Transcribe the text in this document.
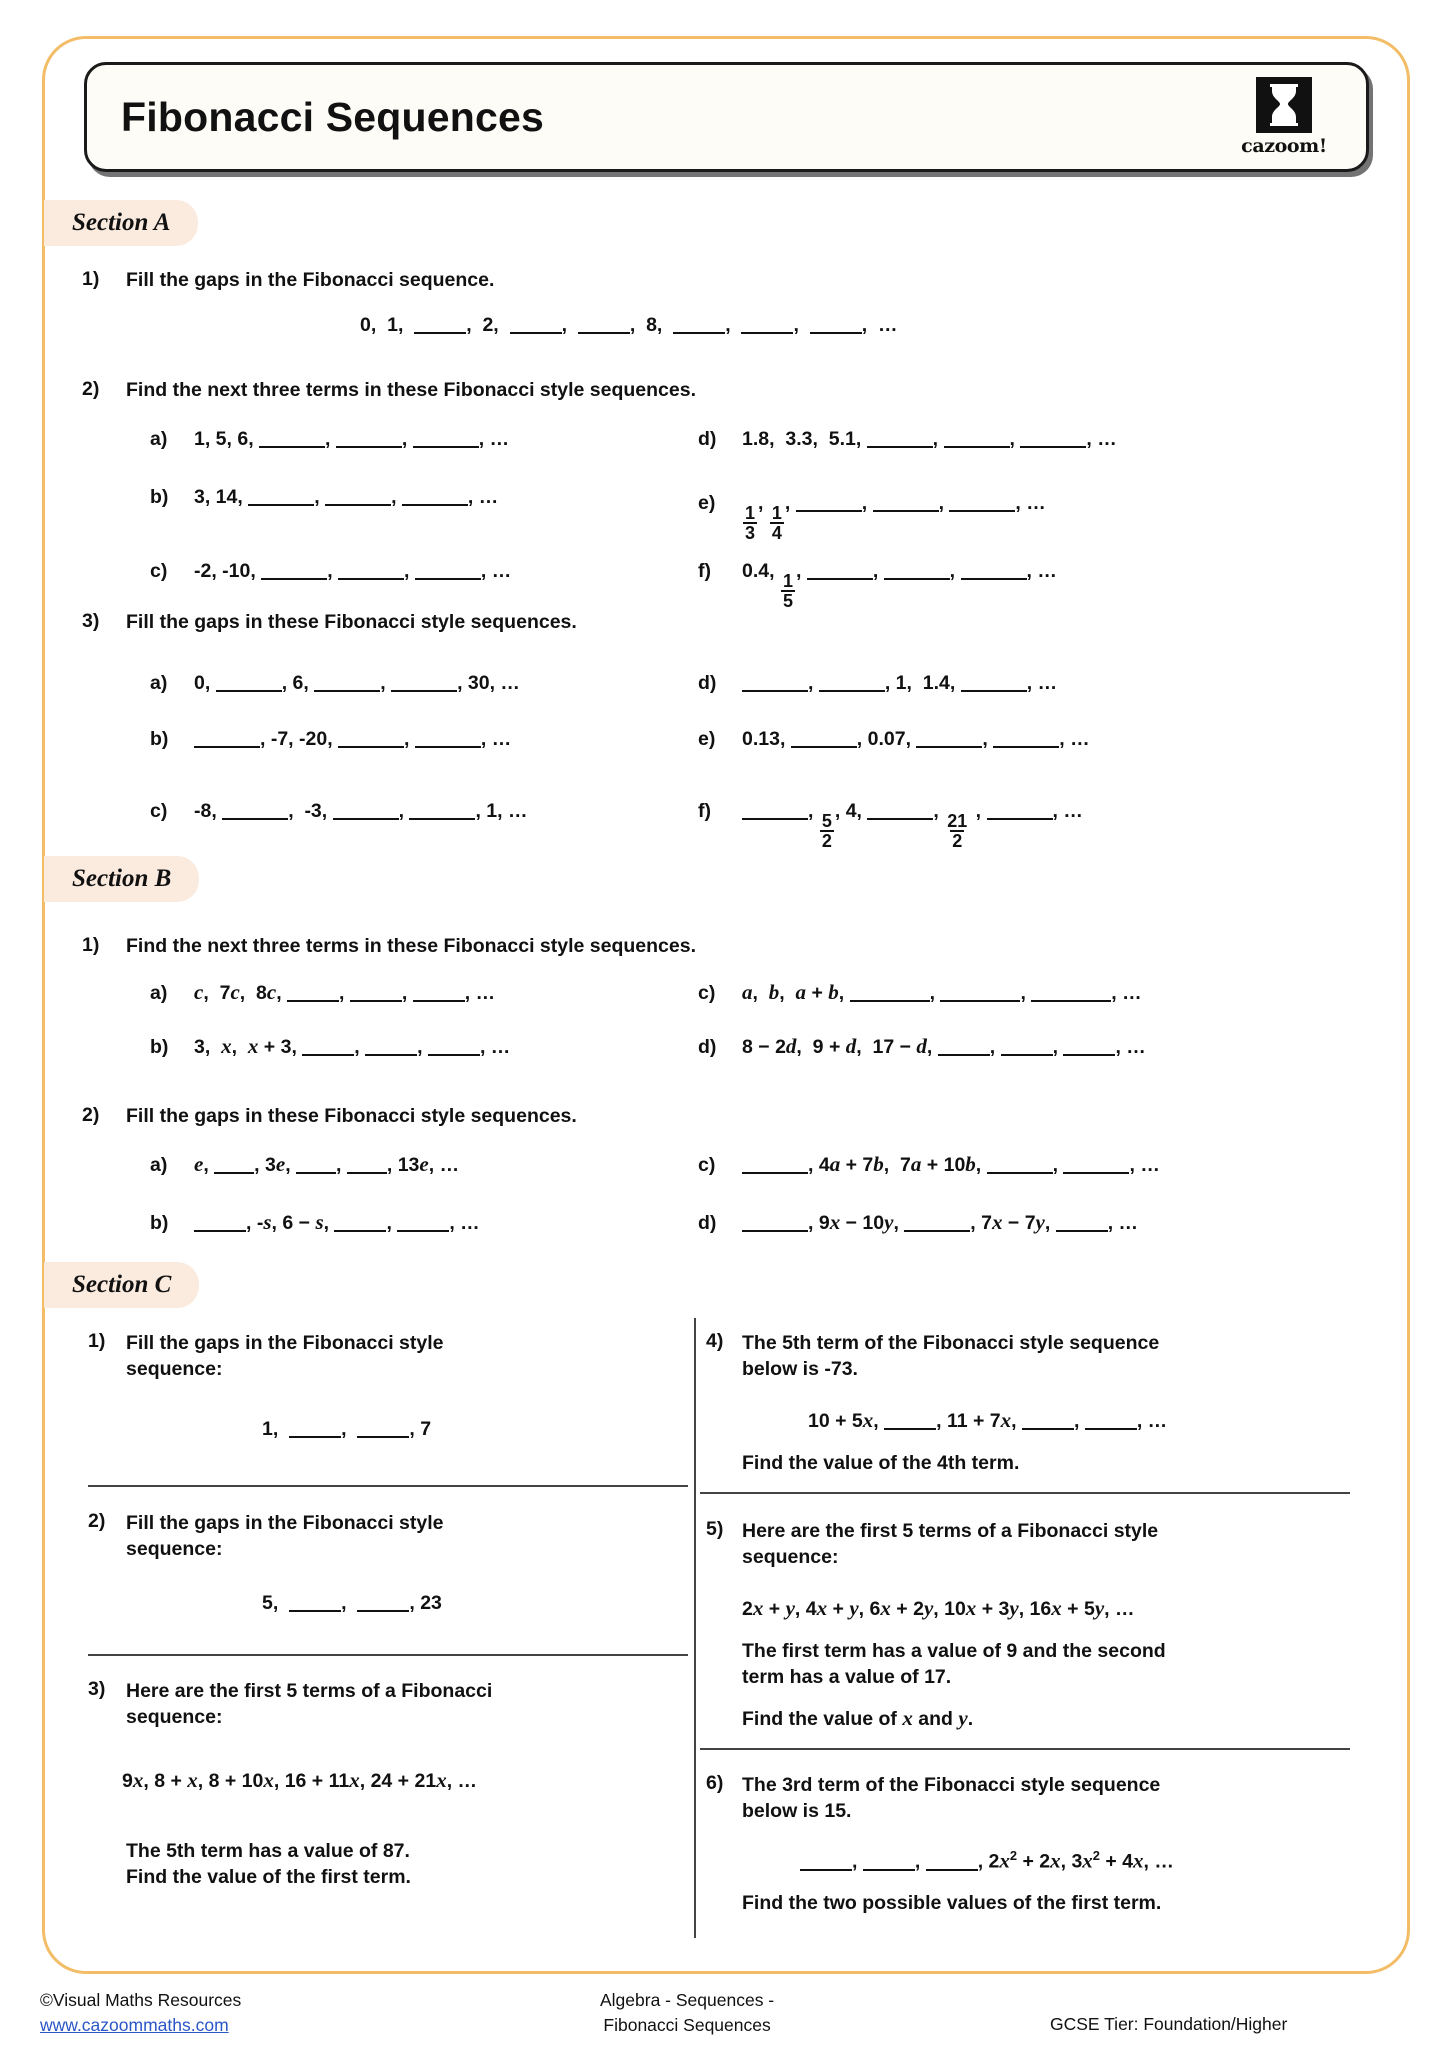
Fibonacci Sequences
cazoom!
Section A
1) Fill the gaps in the Fibonacci sequence.
0,  1,	,  2,	,	,  8,	,	,	,  …
2) Find the next three terms in these Fibonacci style sequences.
a) 1, 5, 6,	,	,	, …
b) 3, 14,	,	,	, …
c) -2, -10,	,	,	, …
d) 1.8,  3.3,  5.1,	,	,	, …
e)
$\frac{1}{3}$
,
$\frac{1}{4}$
,	,	,	, …
f) 0.4,
$\frac{1}{5}$
,	,	,	, …
3) Fill the gaps in these Fibonacci style sequences.
a) 0,	, 6,	,	, 30, …
b)	, -7, -20,	,	, …
c) -8,	,  -3,	,	, 1, …
d)	,	, 1,  1.4,	, …
e) 0.13,	, 0.07,	,	, …
f)	,
$\frac{5}{2}$
, 4,	,
$\frac{21}{2}$
,	, …
Section B
1) Find the next three terms in these Fibonacci style sequences.
a) c,  7c,  8c,	,	,	, …
b) 3,  x,  x + 3,	,	,	, …
c) a,  b,  a + b,	,	,	, …
d) 8 − 2d,  9 + d,  17 − d,	,	,	, …
2) Fill the gaps in these Fibonacci style sequences.
a) e, , 3e, , , 13e, …
b)	, -s, 6 − s,	,	, …
c)	, 4a + 7b,  7a + 10b,	,	, …
d)	, 9x − 10y,	, 7x − 7y,	, …
Section C
1) Fill the gaps in the Fibonacci style
sequence:
1,	,	, 7
2) Fill the gaps in the Fibonacci style
sequence:
5,	,	, 23
3) Here are the first 5 terms of a Fibonacci
sequence:
9x, 8 + x, 8 + 10x, 16 + 11x, 24 + 21x, …
The 5th term has a value of 87.
Find the value of the first term.
4) The 5th term of the Fibonacci style sequence
below is -73.
10 + 5x,	, 11 + 7x,	,	, …
Find the value of the 4th term.
5) Here are the first 5 terms of a Fibonacci style
sequence:
2x + y, 4x + y, 6x + 2y, 10x + 3y, 16x + 5y, …
The first term has a value of 9 and the second
term has a value of 17.
Find the value of x and y.
6) The 3rd term of the Fibonacci style sequence
below is 15.
,	,	, $2x^2 + 2x$, $3x^2 + 4x$, …
Find the two possible values of the first term.
©Visual Maths Resources
www.cazoommaths.com
Algebra - Sequences -
Fibonacci Sequences	GCSE Tier: Foundation/Higher
